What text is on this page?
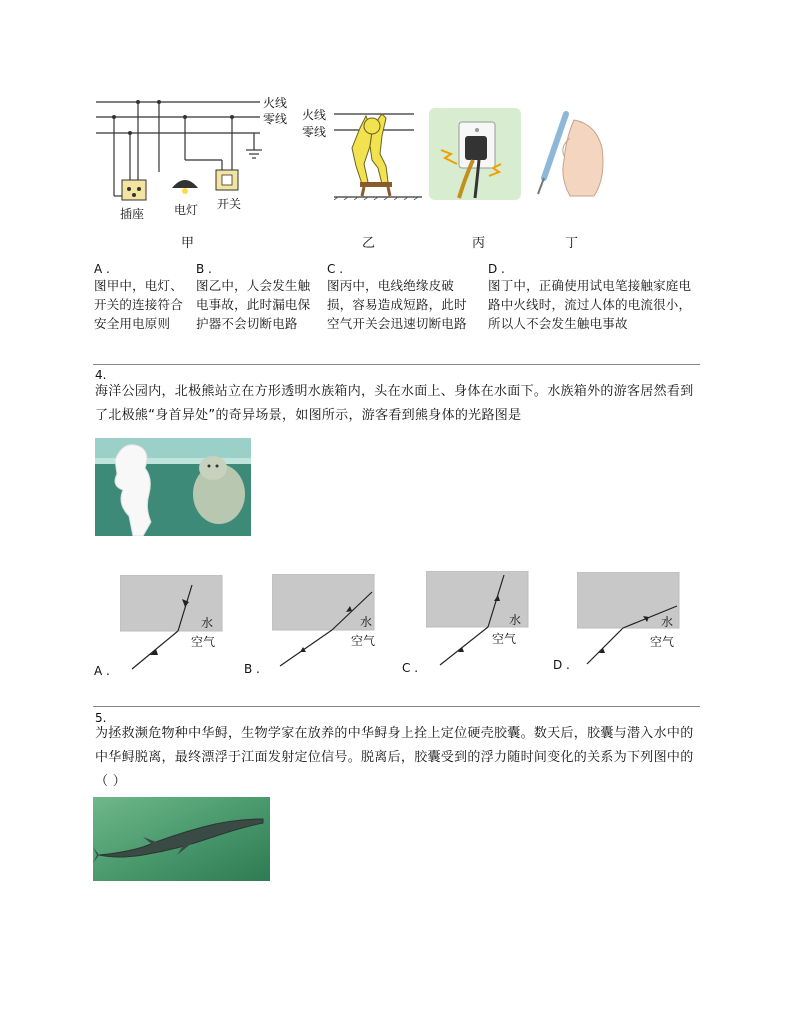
火线
零线
插座 电灯 开关
火线
零线
甲	乙	丙	丁
A .
图甲中，电灯、开关的连接符合安全用电原则
B .
图乙中，人会发生触电事故，此时漏电保护器不会切断电路
C .
图丙中，电线绝缘皮破损，容易造成短路，此时空气开关会迅速切断电路
D .
图丁中，正确使用试电笔接触家庭电路中火线时，流过人体的电流很小，所以人不会发生触电事故
4.
海洋公园内，北极熊站立在方形透明水族箱内，头在水面上、身体在水面下。水族箱外的游客居然看到了北极熊“身首异处”的奇异场景，如图所示，游客看到熊身体的光路图是
水
空气
A .
水
空气
B .
水
空气
C .
水
空气
D .
5.
为拯救濒危物种中华鲟，生物学家在放养的中华鲟身上拴上定位硬壳胶囊。数天后，胶囊与潜入水中的中华鲟脱离，最终漂浮于江面发射定位信号。脱离后，胶囊受到的浮力随时间变化的关系为下列图中的（ ）
